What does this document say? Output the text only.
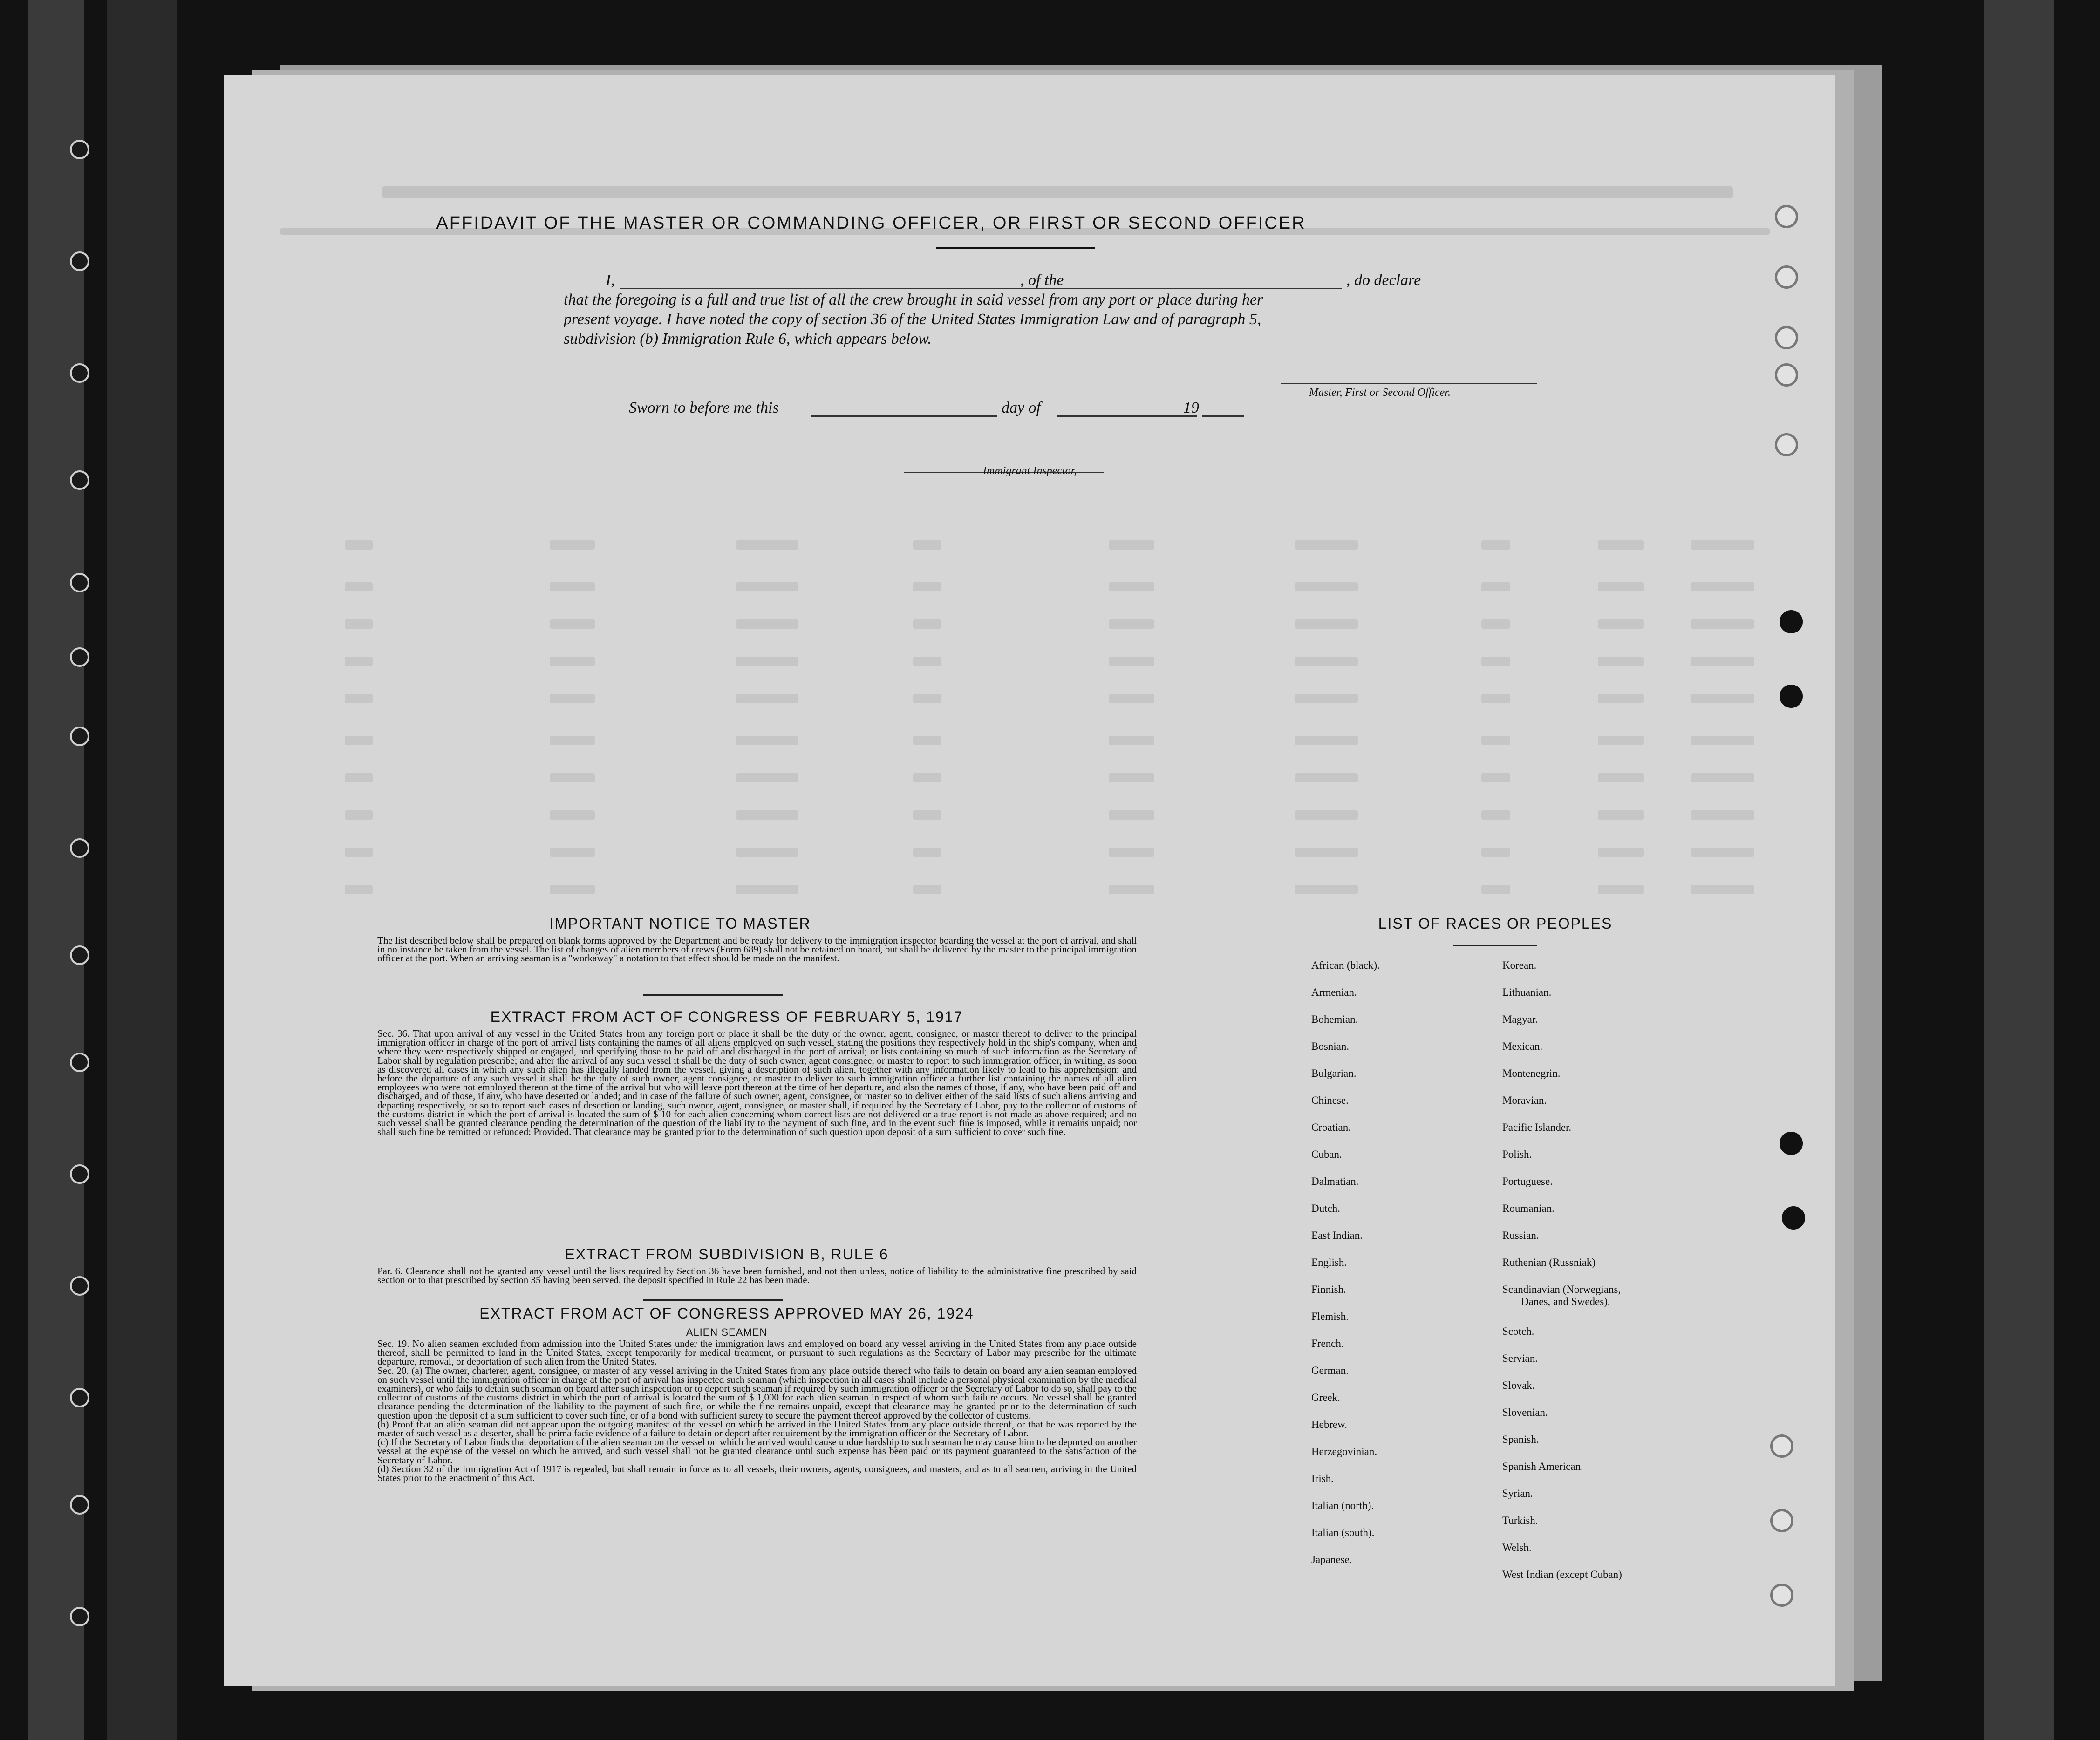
AFFIDAVIT OF THE MASTER OR COMMANDING OFFICER, OR FIRST OR SECOND OFFICER
I,	, of the	, do declare
that the foregoing is a full and true list of all the crew brought in said vessel from any port or place during her
present voyage. I have noted the copy of section 36 of the United States Immigration Law and of paragraph 5,
subdivision (b) Immigration Rule 6, which appears below.
Master, First or Second Officer.
Sworn to before me this	day of	19
Immigrant Inspector,
IMPORTANT NOTICE TO MASTER
The list described below shall be prepared on blank forms approved by the Department and be ready for delivery to the immigration inspector boarding the vessel at the port of arrival, and shall in no instance be taken from the vessel. The list of changes of alien members of crews (Form 689) shall not be retained on board, but shall be delivered by the master to the principal immigration officer at the port. When an arriving seaman is a "workaway" a notation to that effect should be made on the manifest.
EXTRACT FROM ACT OF CONGRESS OF FEBRUARY 5, 1917
Sec. 36. That upon arrival of any vessel in the United States from any foreign port or place it shall be the duty of the owner, agent, consignee, or master thereof to deliver to the principal immigration officer in charge of the port of arrival lists containing the names of all aliens employed on such vessel, stating the positions they respectively hold in the ship's company, when and where they were respectively shipped or engaged, and specifying those to be paid off and discharged in the port of arrival; or lists containing so much of such information as the Secretary of Labor shall by regulation prescribe; and after the arrival of any such vessel it shall be the duty of such owner, agent consignee, or master to report to such immigration officer, in writing, as soon as discovered all cases in which any such alien has illegally landed from the vessel, giving a description of such alien, together with any information likely to lead to his apprehension; and before the departure of any such vessel it shall be the duty of such owner, agent consignee, or master to deliver to such immigration officer a further list containing the names of all alien employees who were not employed thereon at the time of the arrival but who will leave port thereon at the time of her departure, and also the names of those, if any, who have been paid off and discharged, and of those, if any, who have deserted or landed; and in case of the failure of such owner, agent, consignee, or master so to deliver either of the said lists of such aliens arriving and departing respectively, or so to report such cases of desertion or landing, such owner, agent, consignee, or master shall, if required by the Secretary of Labor, pay to the collector of customs of the customs district in which the port of arrival is located the sum of $ 10 for each alien concerning whom correct lists are not delivered or a true report is not made as above required; and no such vessel shall be granted clearance pending the determination of the question of the liability to the payment of such fine, and in the event such fine is imposed, while it remains unpaid; nor shall such fine be remitted or refunded: Provided. That clearance may be granted prior to the determination of such question upon deposit of a sum sufficient to cover such fine.
EXTRACT FROM SUBDIVISION B, RULE 6
Par. 6. Clearance shall not be granted any vessel until the lists required by Section 36 have been furnished, and not then unless, notice of liability to the administrative fine prescribed by said section or to that prescribed by section 35 having been served. the deposit specified in Rule 22 has been made.
EXTRACT FROM ACT OF CONGRESS APPROVED MAY 26, 1924
ALIEN SEAMEN
Sec. 19. No alien seamen excluded from admission into the United States under the immigration laws and employed on board any vessel arriving in the United States from any place outside thereof, shall be permitted to land in the United States, except temporarily for medical treatment, or pursuant to such regulations as the Secretary of Labor may prescribe for the ultimate departure, removal, or deportation of such alien from the United States.
Sec. 20. (a) The owner, charterer, agent, consignee, or master of any vessel arriving in the United States from any place outside thereof who fails to detain on board any alien seaman employed on such vessel until the immigration officer in charge at the port of arrival has inspected such seaman (which inspection in all cases shall include a personal physical examination by the medical examiners), or who fails to detain such seaman on board after such inspection or to deport such seaman if required by such immigration officer or the Secretary of Labor to do so, shall pay to the collector of customs of the customs district in which the port of arrival is located the sum of $ 1,000 for each alien seaman in respect of whom such failure occurs. No vessel shall be granted clearance pending the determination of the liability to the payment of such fine, or while the fine remains unpaid, except that clearance may be granted prior to the determination of such question upon the deposit of a sum sufficient to cover such fine, or of a bond with sufficient surety to secure the payment thereof approved by the collector of customs.
(b) Proof that an alien seaman did not appear upon the outgoing manifest of the vessel on which he arrived in the United States from any place outside thereof, or that he was reported by the master of such vessel as a deserter, shall be prima facie evidence of a failure to detain or deport after requirement by the immigration officer or the Secretary of Labor.
(c) If the Secretary of Labor finds that deportation of the alien seaman on the vessel on which he arrived would cause undue hardship to such seaman he may cause him to be deported on another vessel at the expense of the vessel on which he arrived, and such vessel shall not be granted clearance until such expense has been paid or its payment guaranteed to the satisfaction of the Secretary of Labor.
(d) Section 32 of the Immigration Act of 1917 is repealed, but shall remain in force as to all vessels, their owners, agents, consignees, and masters, and as to all seamen, arriving in the United States prior to the enactment of this Act.
LIST OF RACES OR PEOPLES
African (black).
Armenian.
Bohemian.
Bosnian.
Bulgarian.
Chinese.
Croatian.
Cuban.
Dalmatian.
Dutch.
East Indian.
English.
Finnish.
Flemish.
French.
German.
Greek.
Hebrew.
Herzegovinian.
Irish.
Italian (north).
Italian (south).
Japanese.
Korean.
Lithuanian.
Magyar.
Mexican.
Montenegrin.
Moravian.
Pacific Islander.
Polish.
Portuguese.
Roumanian.
Russian.
Ruthenian (Russniak)
Scandinavian (Norwegians,
Danes, and Swedes).
Scotch.
Servian.
Slovak.
Slovenian.
Spanish.
Spanish American.
Syrian.
Turkish.
Welsh.
West Indian (except Cuban)
